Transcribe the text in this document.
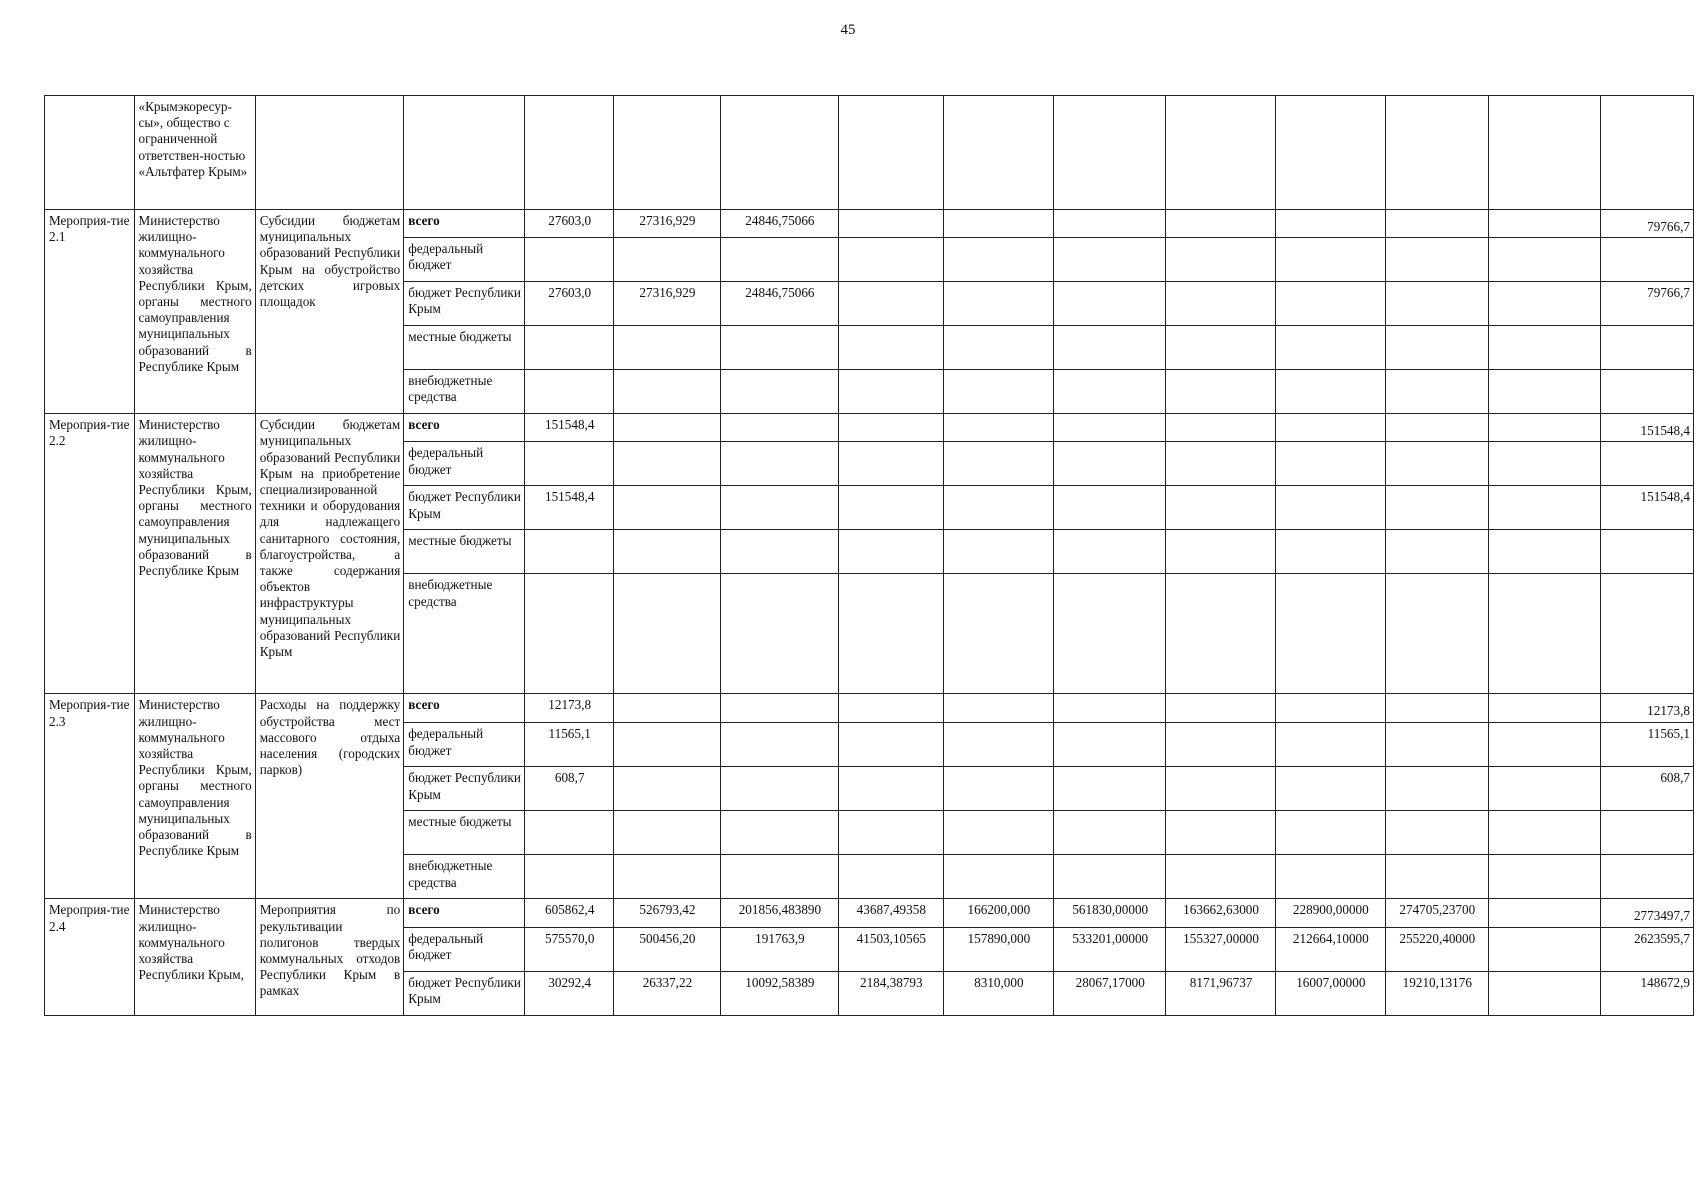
45
	«Крымэкоресур-сы», общество с ограниченной ответствен-ностью «Альтфатер Крым»													
Мероприя-тие 2.1	Министерство жилищно-коммунального хозяйства Республики Крым, органы местного самоуправления муниципальных образований в Республике Крым	Субсидии бюджетам муниципальных образований Республики Крым на обустройство детских игровых площадок	всего	27603,0	27316,929	24846,75066								79766,7
			федеральный бюджет											
			бюджет Республики Крым	27603,0	27316,929	24846,75066								79766,7
			местные бюджеты											
			внебюджетные средства											
Мероприя-тие 2.2	Министерство жилищно-коммунального хозяйства Республики Крым, органы местного самоуправления муниципальных образований в Республике Крым	Субсидии бюджетам муниципальных образований Республики Крым на приобретение специализированной техники и оборудования для надлежащего санитарного состояния, благоустройства, а также содержания объектов инфраструктуры муниципальных образований Республики Крым	всего	151548,4										151548,4
			федеральный бюджет											
			бюджет Республики Крым	151548,4										151548,4
			местные бюджеты											
			внебюджетные средства											
Мероприя-тие 2.3	Министерство жилищно-коммунального хозяйства Республики Крым, органы местного самоуправления муниципальных образований в Республике Крым	Расходы на поддержку обустройства мест массового отдыха населения (городских парков)	всего	12173,8										12173,8
			федеральный бюджет	11565,1										11565,1
			бюджет Республики Крым	608,7										608,7
			местные бюджеты											
			внебюджетные средства											
Мероприя-тие 2.4	Министерство жилищно-коммунального хозяйства Республики Крым,	Мероприятия по рекультивации полигонов твердых коммунальных отходов Республики Крым в рамках	всего	605862,4	526793,42	201856,483890	43687,49358	166200,000	561830,00000	163662,63000	228900,00000	274705,23700		2773497,7
			федеральный бюджет	575570,0	500456,20	191763,9	41503,10565	157890,000	533201,00000	155327,00000	212664,10000	255220,40000		2623595,7
			бюджет Республики Крым	30292,4	26337,22	10092,58389	2184,38793	8310,000	28067,17000	8171,96737	16007,00000	19210,13176		148672,9
